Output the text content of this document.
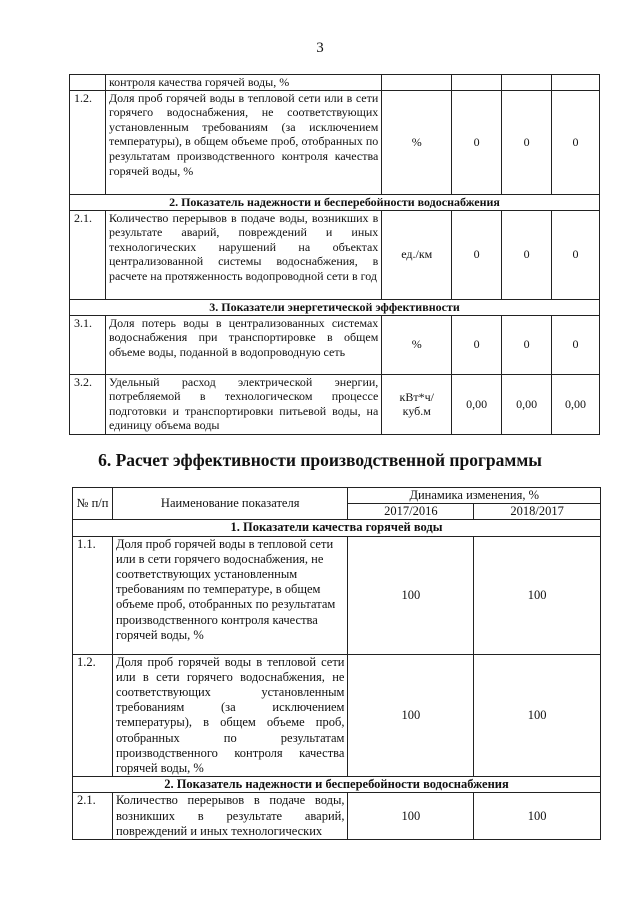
3
	контроля качества горячей воды, %				
1.2.	Доля проб горячей воды в тепловой сети или в сети горячего водоснабжения, не соответствующих установленным требованиям (за исключением температуры), в общем объеме проб, отобранных по результатам производственного контроля качества горячей воды, %	%	0	0	0
2. Показатель надежности и бесперебойности водоснабжения					
2.1.	Количество перерывов в подаче воды, возникших в результате аварий, повреждений и иных технологических нарушений на объектах централизованной системы водоснабжения, в расчете на протяженность водопроводной сети в год	ед./км	0	0	0
3. Показатели энергетической эффективности					
3.1.	Доля потерь воды в централизованных системах водоснабжения при транспортировке в общем объеме воды, поданной в водопроводную сеть	%	0	0	0
3.2.	Удельный расход электрической энергии, потребляемой в технологическом процессе подготовки и транспортировки питьевой воды, на единицу объема воды	кВт*ч/ куб.м	0,00	0,00	0,00
6. Расчет эффективности производственной программы
№ п/п	Наименование показателя	Динамика изменения, %	
		2017/2016	2018/2017
1. Показатели качества горячей воды			
1.1.	Доля проб горячей воды в тепловой сети или в сети горячего водоснабжения, не соответствующих установленным требованиям по температуре, в общем объеме проб, отобранных по результатам производственного контроля качества горячей воды, %	100	100
1.2.	Доля проб горячей воды в тепловой сети или в сети горячего водоснабжения, не соответствующих установленным требованиям (за исключением температуры), в общем объеме проб, отобранных по результатам производственного контроля качества горячей воды, %	100	100
2. Показатель надежности и бесперебойности водоснабжения			
2.1.	Количество перерывов в подаче воды, возникших в результате аварий, повреждений и иных технологических	100	100
